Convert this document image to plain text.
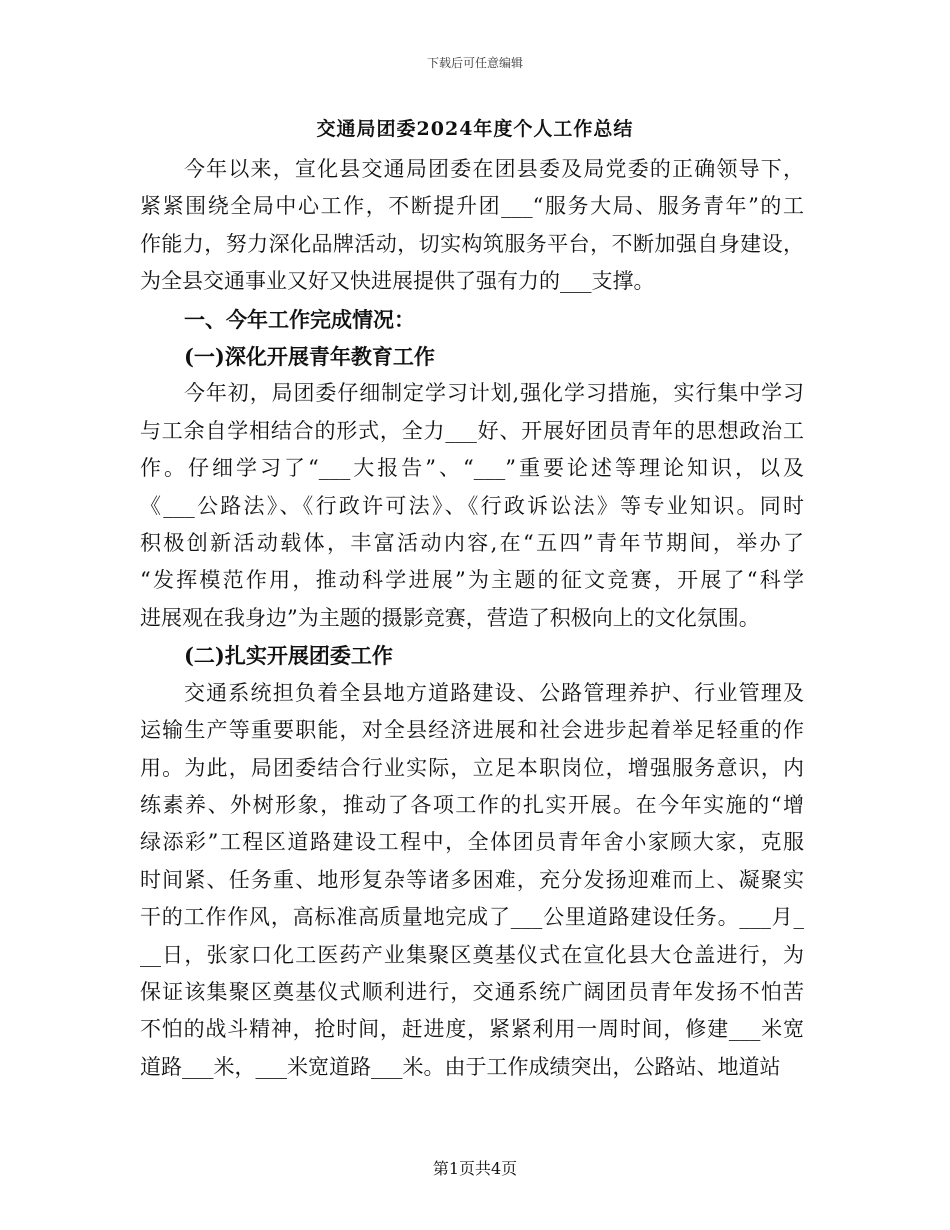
下载后可任意编辑
交通局团委2024年度个人工作总结
今年以来，宣化县交通局团委在团县委及局党委的正确领导下，
紧紧围绕全局中心工作，不断提升团___“服务大局、服务青年”的工
作能力，努力深化品牌活动，切实构筑服务平台，不断加强自身建设，
为全县交通事业又好又快进展提供了强有力的___支撑。
一、今年工作完成情况：
(一)深化开展青年教育工作
今年初，局团委仔细制定学习计划,强化学习措施，实行集中学习
与工余自学相结合的形式，全力___好、开展好团员青年的思想政治工
作。仔细学习了“___大报告”、“___”重要论述等理论知识，以及
《___公路法》、《行政许可法》、《行政诉讼法》等专业知识。同时
积极创新活动载体，丰富活动内容,在“五四”青年节期间，举办了
“发挥模范作用，推动科学进展”为主题的征文竞赛，开展了“科学
进展观在我身边”为主题的摄影竞赛，营造了积极向上的文化氛围。
(二)扎实开展团委工作
交通系统担负着全县地方道路建设、公路管理养护、行业管理及
运输生产等重要职能，对全县经济进展和社会进步起着举足轻重的作
用。为此，局团委结合行业实际，立足本职岗位，增强服务意识，内
练素养、外树形象，推动了各项工作的扎实开展。在今年实施的“增
绿添彩”工程区道路建设工程中，全体团员青年舍小家顾大家，克服
时间紧、任务重、地形复杂等诸多困难，充分发扬迎难而上、凝聚实
干的工作作风，高标准高质量地完成了___公里道路建设任务。___月_
__日，张家口化工医药产业集聚区奠基仪式在宣化县大仓盖进行，为
保证该集聚区奠基仪式顺利进行，交通系统广阔团员青年发扬不怕苦
不怕的战斗精神，抢时间，赶进度，紧紧利用一周时间，修建___米宽
道路___米，___米宽道路___米。由于工作成绩突出，公路站、地道站
第1页共4页
